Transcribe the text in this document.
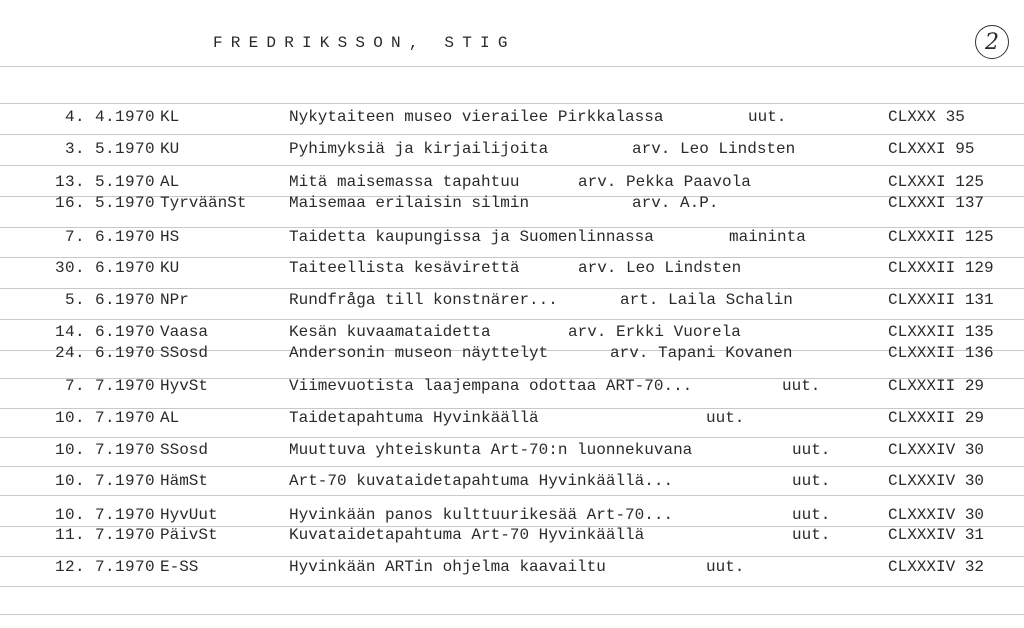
FREDRIKSSON, STIG	2
4. 4.1970 KL	Nykytaiteen museo vierailee Pirkkalassa	uut.	CLXXX 35
3. 5.1970 KU	Pyhimyksiä ja kirjailijoita	arv. Leo Lindsten	CLXXXI 95
13. 5.1970 AL	Mitä maisemassa tapahtuu	arv. Pekka Paavola	CLXXXI 125
16. 5.1970 TyrväänSt	Maisemaa erilaisin silmin	arv. A.P.	CLXXXI 137
7. 6.1970 HS	Taidetta kaupungissa ja Suomenlinnassa	maininta	CLXXXII 125
30. 6.1970 KU	Taiteellista kesävirettä	arv. Leo Lindsten	CLXXXII 129
5. 6.1970 NPr	Rundfråga till konstnärer...	art. Laila Schalin	CLXXXII 131
14. 6.1970 Vaasa	Kesän kuvaamataidetta	arv. Erkki Vuorela	CLXXXII 135
24. 6.1970 SSosd	Andersonin museon näyttelyt	arv. Tapani Kovanen	CLXXXII 136
7. 7.1970 HyvSt	Viimevuotista laajempana odottaa ART-70...	uut.	CLXXXII 29
10. 7.1970 AL	Taidetapahtuma Hyvinkäällä	uut.	CLXXXII 29
10. 7.1970 SSosd	Muuttuva yhteiskunta Art-70:n luonnekuvana	uut.	CLXXXIV 30
10. 7.1970 HämSt	Art-70 kuvataidetapahtuma Hyvinkäällä...	uut.	CLXXXIV 30
10. 7.1970 HyvUut	Hyvinkään panos kulttuurikesää Art-70...	uut.	CLXXXIV 30
11. 7.1970 PäivSt	Kuvataidetapahtuma Art-70 Hyvinkäällä	uut.	CLXXXIV 31
12. 7.1970 E-SS	Hyvinkään ARTin ohjelma kaavailtu	uut.	CLXXXIV 32
